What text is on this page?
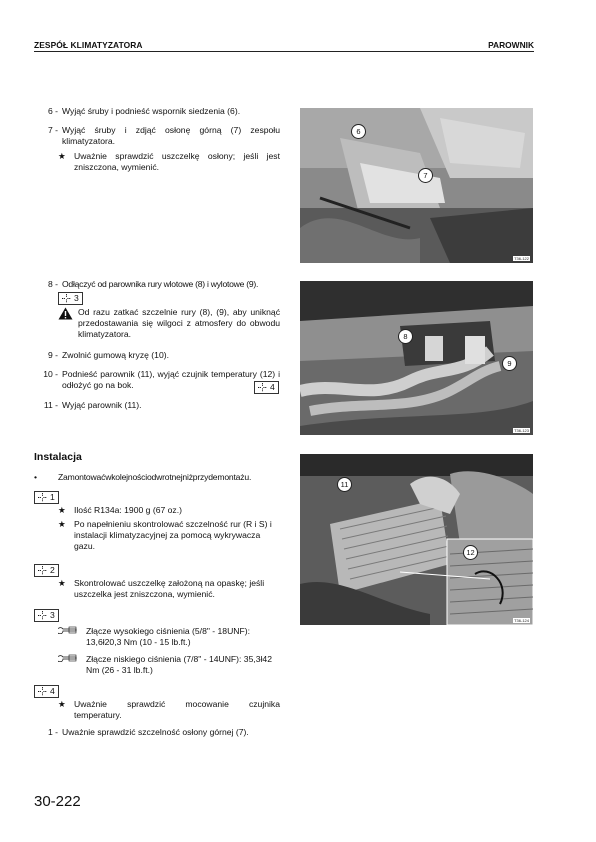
ZESPÓŁ KLIMATYZATORA	PAROWNIK
6 - Wyjąć śruby i podnieść wspornik siedzenia (6).
7 - Wyjąć śruby i zdjąć osłonę górną (7) zespołu klimatyzatora.
★ Uważnie sprawdzić uszczelkę osłony; jeśli jest zniszczona, wymienić.
8 - Odłączyć od parownika rury wlotowe (8) i wylotowe (9).
3
Od razu zatkać szczelnie rury (8), (9), aby uniknąć przedostawania się wilgoci z atmosfery do obwodu klimatyzatora.
9 - Zwolnić gumową kryzę (10).
10 - Podnieść parownik (11), wyjąć czujnik temperatury (12) i odłożyć go na bok.	4
11 - Wyjąć parownik (11).
Instalacja
•	Zamontowaćwkolejnościodwrotnejniżprzydemontażu.
1
★ Ilość R134a: 1900 g (67 oz.)
★ Po napełnieniu skontrolować szczelność rur (R i S) i instalacji klimatyzacyjnej za pomocą wykrywacza gazu.
2
★ Skontrolować uszczelkę założoną na opaskę; jeśli uszczelka jest zniszczona, wymienić.
3
Złącze wysokiego ciśnienia (5/8" - 18UNF): 13,6ł20,3 Nm (10 - 15 lb.ft.)
Złącze niskiego ciśnienia (7/8" - 14UNF): 35,3ł42 Nm (26 - 31 lb.ft.)
4
★ Uważnie sprawdzić mocowanie czujnika temperatury.
1 - Uważnie sprawdzić szczelność osłony górnej (7).
6
7
T36-122
8
9
T36-123
11
12
T36-124
30-222
